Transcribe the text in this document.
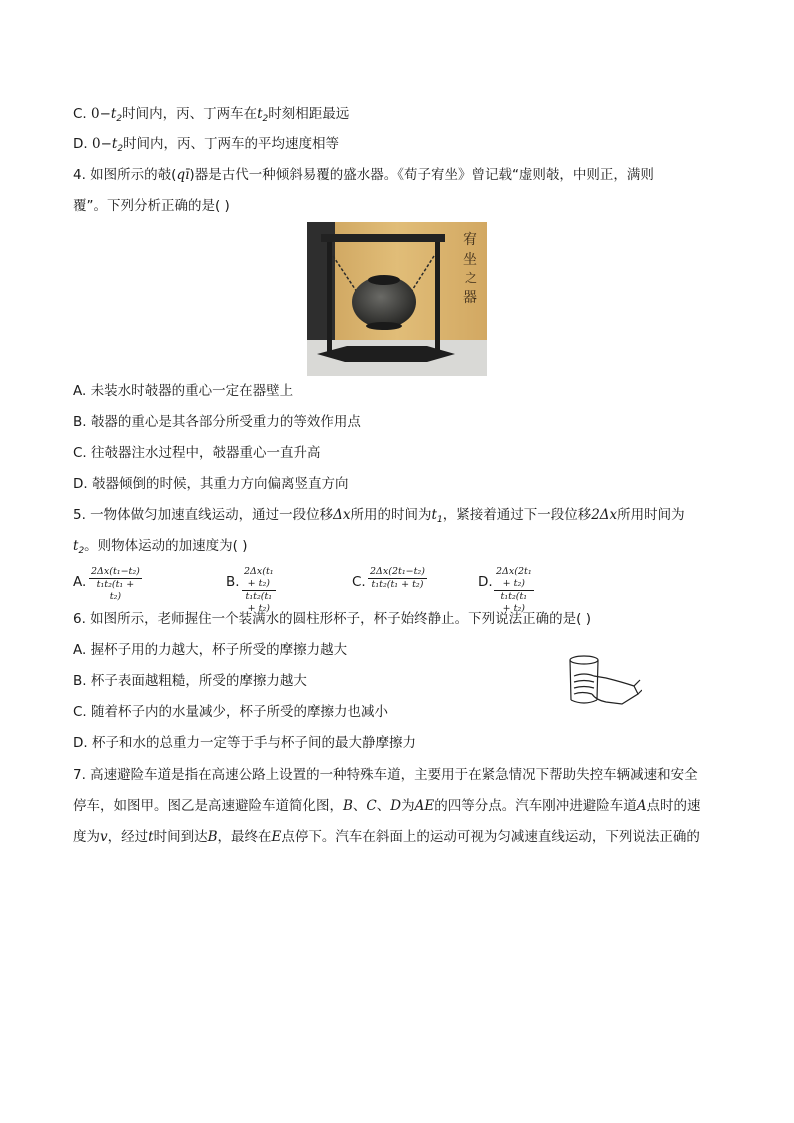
C. $0-t_2$时间内，丙、丁两车在$t_2$时刻相距最远
D. $0-t_2$时间内，丙、丁两车的平均速度相等
4. 如图所示的攲(qī)器是古代一种倾斜易覆的盛水器。《荀子宥坐》曾记载“虚则攲，中则正，满则
覆”。下列分析正确的是( )
宥
坐
之
器
A. 未装水时攲器的重心一定在器壁上
B. 攲器的重心是其各部分所受重力的等效作用点
C. 往攲器注水过程中，攲器重心一直升高
D. 攲器倾倒的时候，其重力方向偏离竖直方向
5. 一物体做匀加速直线运动，通过一段位移Δx所用的时间为$t_1$，紧接着通过下一段位移2Δx所用时间为
$t_2$。则物体运动的加速度为( )
A. $\frac{\text{2Δx(t₁−t₂)}}{\text{t₁t₂(t₁ + t₂)}}$	B. $\frac{\text{2Δx(t₁ + t₂)}}{\text{t₁t₂(t₁ + t₂)}}$	C. $\frac{\text{2Δx(2t₁−t₂)}}{\text{t₁t₂(t₁ + t₂)}}$	D. $\frac{\text{2Δx(2t₁ + t₂)}}{\text{t₁t₂(t₁ + t₂)}}$
6. 如图所示，老师握住一个装满水的圆柱形杯子，杯子始终静止。下列说法正确的是( )
A. 握杯子用的力越大，杯子所受的摩擦力越大
B. 杯子表面越粗糙，所受的摩擦力越大
C. 随着杯子内的水量减少，杯子所受的摩擦力也减小
D. 杯子和水的总重力一定等于手与杯子间的最大静摩擦力
7. 高速避险车道是指在高速公路上设置的一种特殊车道，主要用于在紧急情况下帮助失控车辆减速和安全
停车，如图甲。图乙是高速避险车道简化图，B、C、D为AE的四等分点。汽车刚冲进避险车道A点时的速
度为v，经过t时间到达B，最终在E点停下。汽车在斜面上的运动可视为匀减速直线运动，下列说法正确的
